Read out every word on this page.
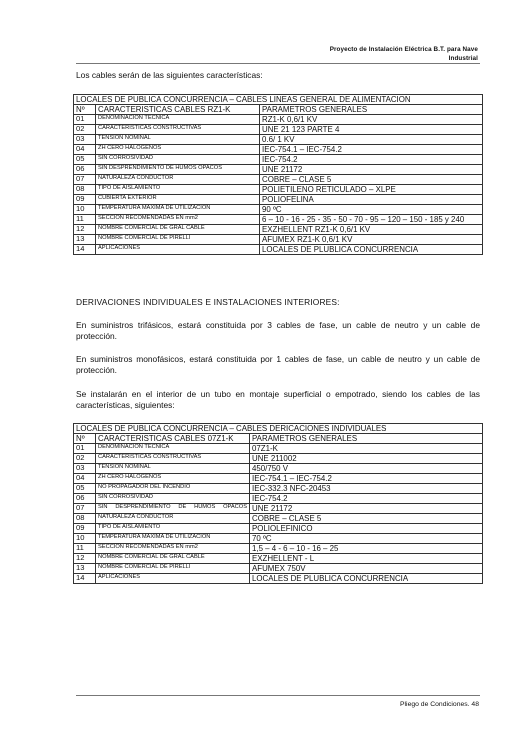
Proyecto de Instalación Eléctrica B.T. para Nave
Industrial

Los cables serán de las siguientes características:

LOCALES DE PUBLICA CONCURRENCIA – CABLES LINEAS GENERAL DE ALIMENTACION		
Nº	CARACTERISTICAS CABLES RZ1-K	PARAMETROS GENERALES
01	DENOMINACION TECNICA	RZ1-K 0,6/1 KV
02	CARACTERISTICAS CONSTRUCTIVAS	UNE 21 123 PARTE 4
03	TENSION NOMINAL	0.6/ 1 KV
04	ZH CERO HALOGENOS	IEC-754.1 – IEC-754.2
05	SIN CORROSIVIDAD	IEC-754.2
06	SIN DESPRENDIMIENTO DE HUMOS OPACOS	UNE 21172
07	NATURALEZA CONDUCTOR	COBRE – CLASE 5
08	TIPO DE AISLAMIENTO	POLIETILENO RETICULADO – XLPE
09	CUBIERTA EXTERIOR	POLIOFELINA
10	TEMPERATURA MAXIMA DE UTILIZACION	90 ºC
11	SECCION RECOMENDADAS EN mm2	6 – 10 - 16 - 25 - 35 - 50 - 70 - 95 – 120 – 150 - 185 y 240
12	NOMBRE COMERCIAL DE GRAL CABLE	EXZHELLENT RZ1-K 0,6/1 KV
13	NOMBRE COMERCIAL DE PIRELLI	AFUMEX RZ1-K 0,6/1 KV
14	APLICACIONES	LOCALES DE PLUBLICA CONCURRENCIA

DERIVACIONES INDIVIDUALES E INSTALACIONES INTERIORES:

En suministros trifásicos, estará constituida por 3 cables de fase, un cable de neutro y un cable de protección.

En suministros monofásicos, estará constituida por 1 cables de fase, un cable de neutro y un cable de protección.

Se instalarán en el interior de un tubo en montaje superficial o empotrado, siendo los cables de las características, siguientes:

LOCALES DE PUBLICA CONCURRENCIA – CABLES DERICACIONES INDIVIDUALES		
Nº	CARACTERISTICAS CABLES 07Z1-K	PARAMETROS GENERALES
01	DENOMINACION TECNICA	07Z1-K
02	CARACTERISTICAS CONSTRUCTIVAS	UNE 211002
03	TENSION NOMINAL	450/750 V
04	ZH CERO HALOGENOS	IEC-754.1 – IEC-754.2
05	NO PROPAGADOR DEL INCENDIO	IEC-332.3 NFC-20453
06	SIN CORROSIVIDAD	IEC-754.2
07	SIN DESPRENDIMIENTO DE HUMOS OPACOS	UNE 21172
08	NATURALEZA CONDUCTOR	COBRE – CLASE 5
09	TIPO DE AISLAMIENTO	POLIOLEFINICO
10	TEMPERATURA MAXIMA DE UTILIZACION	70 ºC
11	SECCION RECOMENDADAS EN mm2	1,5 – 4 - 6 – 10 - 16 – 25
12	NOMBRE COMERCIAL DE GRAL CABLE	EXZHELLENT - L
13	NOMBRE COMERCIAL DE PIRELLI	AFUMEX 750V
14	APLICACIONES	LOCALES DE PLUBLICA CONCURRENCIA
Pliego de Condiciones. 48
